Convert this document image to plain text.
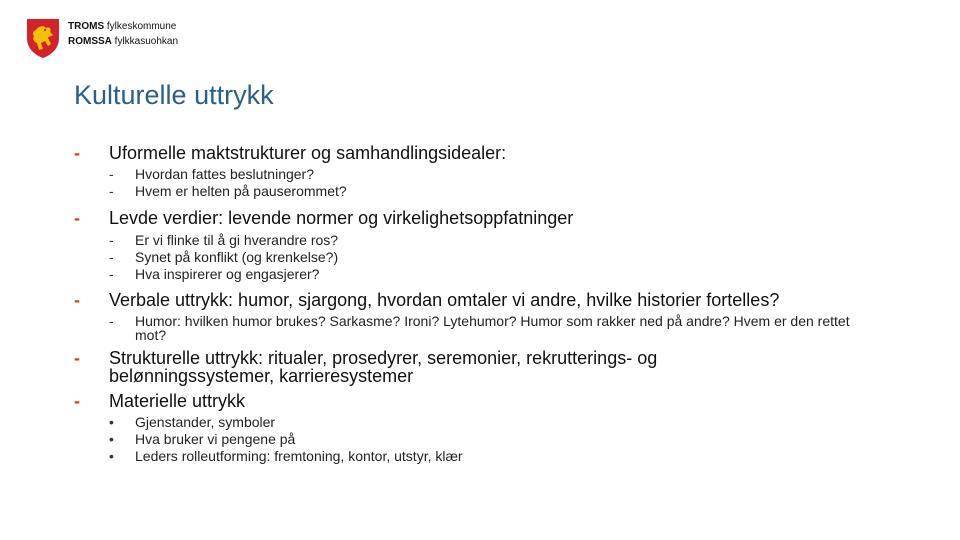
TROMS fylkeskommune
ROMSSA fylkkasuohkan
Kulturelle uttrykk
- Uformelle maktstrukturer og samhandlingsidealer:
- Hvordan fattes beslutninger?
- Hvem er helten på pauserommet?
- Levde verdier: levende normer og virkelighetsoppfatninger
- Er vi flinke til å gi hverandre ros?
- Synet på konflikt (og krenkelse?)
- Hva inspirerer og engasjerer?
- Verbale uttrykk: humor, sjargong, hvordan omtaler vi andre, hvilke historier fortelles?
- Humor: hvilken humor brukes? Sarkasme? Ironi? Lytehumor? Humor som rakker ned på andre? Hvem er den rettet mot?
- Strukturelle uttrykk: ritualer, prosedyrer, seremonier, rekrutterings- og belønningssystemer, karrieresystemer
- Materielle uttrykk
• Gjenstander, symboler
• Hva bruker vi pengene på
• Leders rolleutforming: fremtoning, kontor, utstyr, klær
